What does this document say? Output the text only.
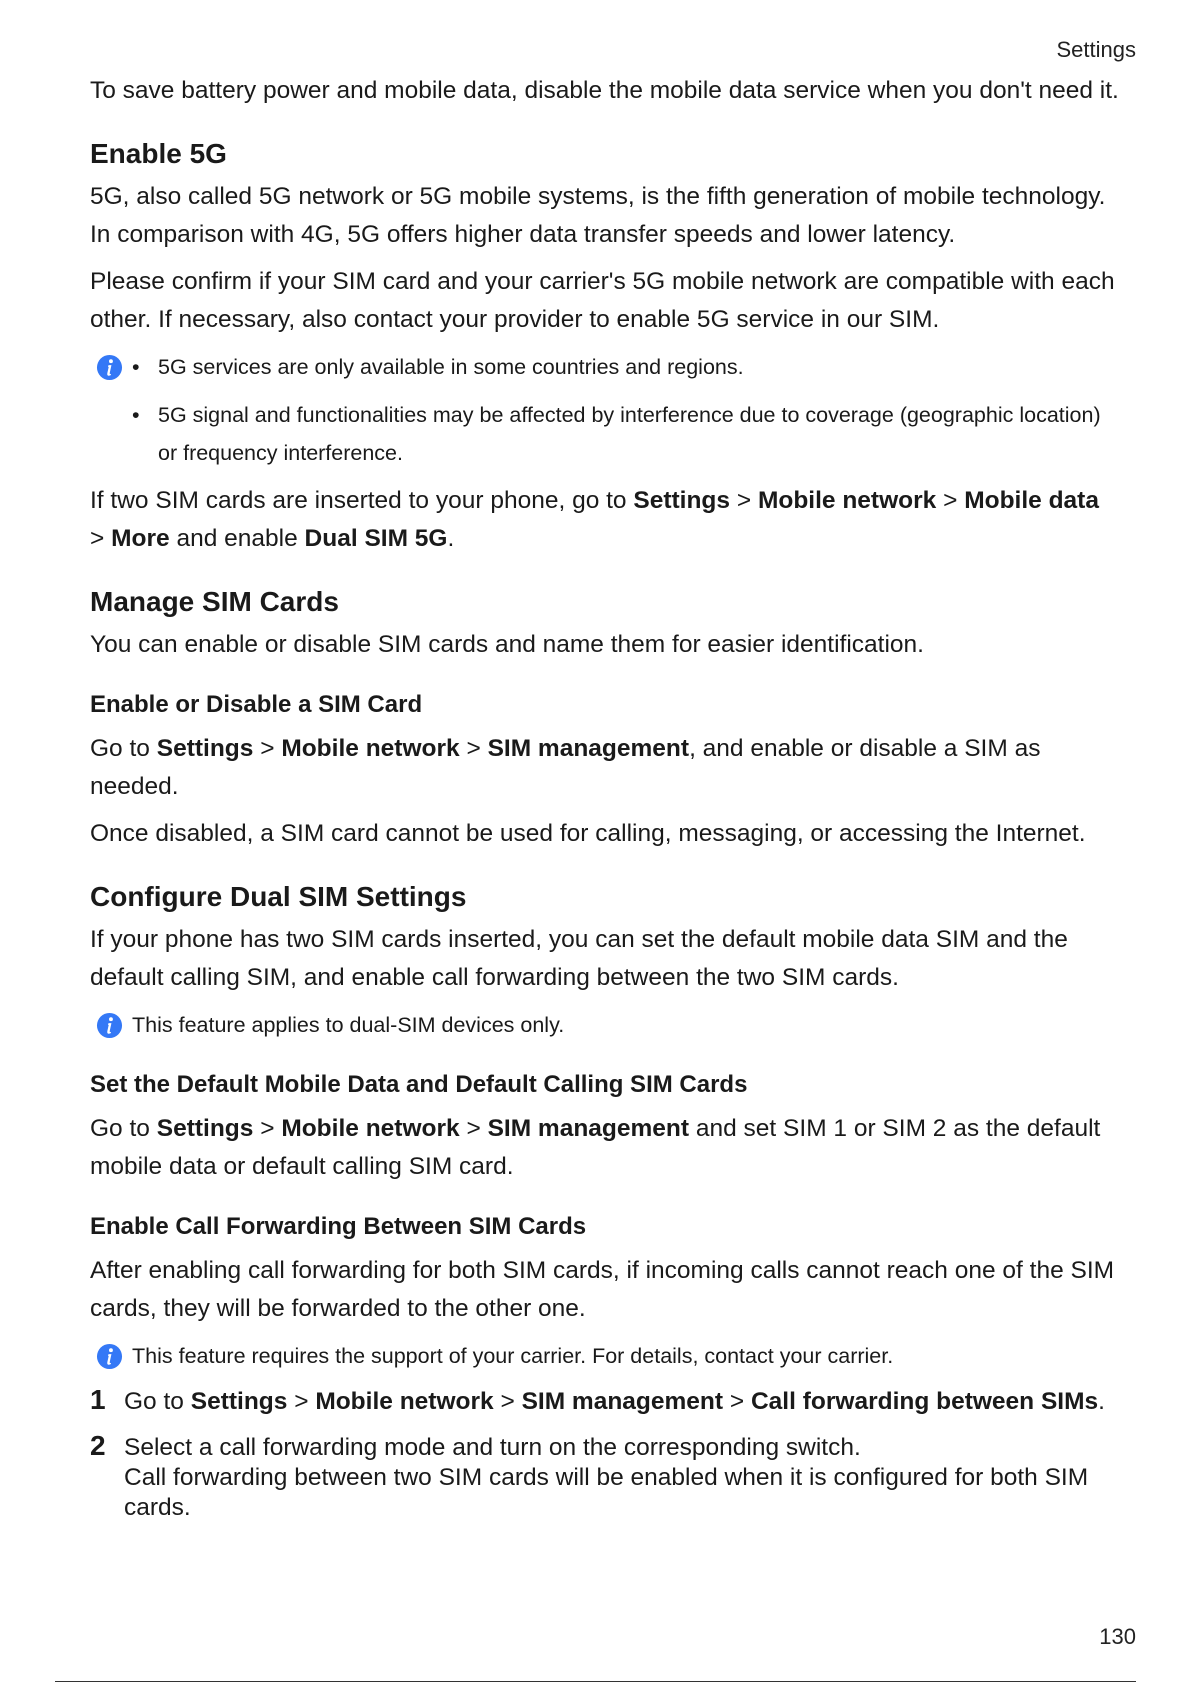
Settings

To save battery power and mobile data, disable the mobile data service when you don't need it.

Enable 5G

5G, also called 5G network or 5G mobile systems, is the fifth generation of mobile technology. In comparison with 4G, 5G offers higher data transfer speeds and lower latency.

Please confirm if your SIM card and your carrier's 5G mobile network are compatible with each other. If necessary, also contact your provider to enable 5G service in our SIM.

• 5G services are only available in some countries and regions.
• 5G signal and functionalities may be affected by interference due to coverage (geographic location) or frequency interference.

If two SIM cards are inserted to your phone, go to Settings > Mobile network > Mobile data > More and enable Dual SIM 5G.

Manage SIM Cards

You can enable or disable SIM cards and name them for easier identification.

Enable or Disable a SIM Card

Go to Settings > Mobile network > SIM management, and enable or disable a SIM as needed.

Once disabled, a SIM card cannot be used for calling, messaging, or accessing the Internet.

Configure Dual SIM Settings

If your phone has two SIM cards inserted, you can set the default mobile data SIM and the default calling SIM, and enable call forwarding between the two SIM cards.

This feature applies to dual-SIM devices only.
Set the Default Mobile Data and Default Calling SIM Cards

Go to Settings > Mobile network > SIM management and set SIM 1 or SIM 2 as the default mobile data or default calling SIM card.

Enable Call Forwarding Between SIM Cards

After enabling call forwarding for both SIM cards, if incoming calls cannot reach one of the SIM cards, they will be forwarded to the other one.

This feature requires the support of your carrier. For details, contact your carrier.
1 Go to Settings > Mobile network > SIM management > Call forwarding between SIMs.
2 Select a call forwarding mode and turn on the corresponding switch.
Call forwarding between two SIM cards will be enabled when it is configured for both SIM cards.
130
